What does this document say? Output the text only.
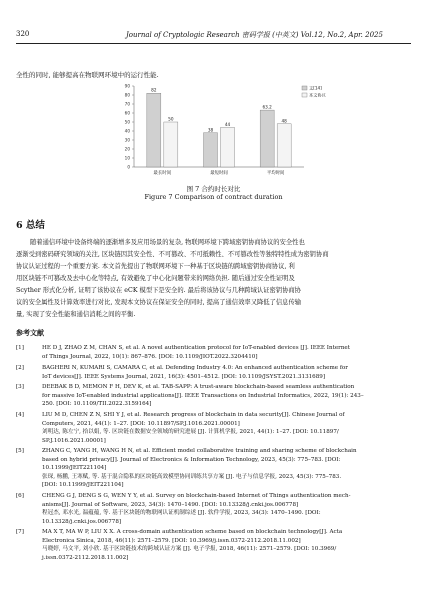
320	Journal of Cryptologic Research 密码学报 (中英文) Vol.12, No.2, Apr. 2025
全性的同时, 能够提高在物联网环境中的运行性能.
0
10
20
30
40
50
60
70
80
90
82
50
最长时间
38
44
最短时间
63.2
48
平均时间
文[14]
本文协议
图 7 合约时长对比
Figure 7 Comparison of contract duration
6 总结
随着通信环境中设备终端的逐渐增多及应用场景的复杂, 物联网环境下跨域密钥协商协议的安全性也
逐渐受到密码研究领域的关注, 区块链因其安全性、不可篡改、不可抵赖性、不可篡改性等独特特性成为密钥协商
协议认证过程的一个重要方案. 本文首先提出了物联网环境下一种基于区块链的跨域密钥协商协议, 利
用区块链不可篡改及去中心化等特点, 有效避免了中心化问题带来的网络负担. 随后通过安全性证明及
Scyther 形式化分析, 证明了该协议在 eCK 模型下是安全的. 最后将该协议与几种跨域认证密钥协商协
议的安全属性及计算效率进行对比, 发现本文协议在保证安全的同时, 提高了通信效率又降低了信息传输
量, 实现了安全性能和通信消耗之间的平衡.
参考文献
[1]	HE D J, ZHAO Z M, CHAN S, et al. A novel authentication protocol for IoT-enabled devices [J]. IEEE Internet
of Things Journal, 2022, 10(1): 867–876. [DOI: 10.1109/JIOT.2022.3204410]
[2]	BAGHERI N, KUMARI S, CAMARA C, et al. Defending Industry 4.0: An enhanced authentication scheme for
IoT devices[J]. IEEE Systems Journal, 2021, 16(3): 4501–4512. [DOI: 10.1109/JSYST.2021.3131689]
[3]	DEEBAK B D, MEMON F H, DEV K, et al. TAB-SAPP: A trust-aware blockchain-based seamless authentication
for massive IoT-enabled industrial applications[J]. IEEE Transactions on Industrial Informatics, 2022, 19(1): 243–
250. [DOI: 10.1109/TII.2022.3159164]
[4]	LIU M D, CHEN Z N, SHI Y J, et al. Research progress of blockchain in data security[J]. Chinese Journal of
Computers, 2021, 44(1): 1–27. [DOI: 10.11897/SP.J.1016.2021.00001]
刘明达, 陈左宁, 拾以娟, 等. 区块链在数据安全领域的研究进展 [J]. 计算机学报, 2021, 44(1): 1–27. [DOI: 10.11897/
SP.J.1016.2021.00001]
[5]	ZHANG C, YANG H, WANG H N, et al. Efficient model collaborative training and sharing scheme of blockchain
based on hybrid privacy[J]. Journal of Electronics & Information Technology, 2023, 45(3): 775–783. [DOI:
10.11999/JEIT221104]
张琛, 杨鹏, 王寒赋, 等. 基于混合隐私的区块链高效模型协同训练共享方案 [J]. 电子与信息学报, 2023, 45(3): 775–783.
[DOI: 10.11999/JEIT221104]
[6]	CHENG G J, DENG S G, WEN Y Y, et al. Survey on blockchain-based Internet of Things authentication mech-
anisms[J]. Journal of Software, 2023, 34(3): 1470–1490. [DOI: 10.13328/j.cnki.jos.006778]
程冠杰, 邓水光, 温蕴蕴, 等. 基于区块链的物联网认证机制综述 [J]. 软件学报, 2023, 34(3): 1470–1490. [DOI:
10.13328/j.cnki.jos.006778]
[7]	MA X T, MA W P, LIU X X. A cross-domain authentication scheme based on blockchain technology[J]. Acta
Electronica Sinica, 2018, 46(11): 2571–2579. [DOI: 10.3969/j.issn.0372-2112.2018.11.002]
马晓婷, 马文平, 刘小欣. 基于区块链技术的跨域认证方案 [J]. 电子学报, 2018, 46(11): 2571–2579. [DOI: 10.3969/
j.issn.0372-2112.2018.11.002]
